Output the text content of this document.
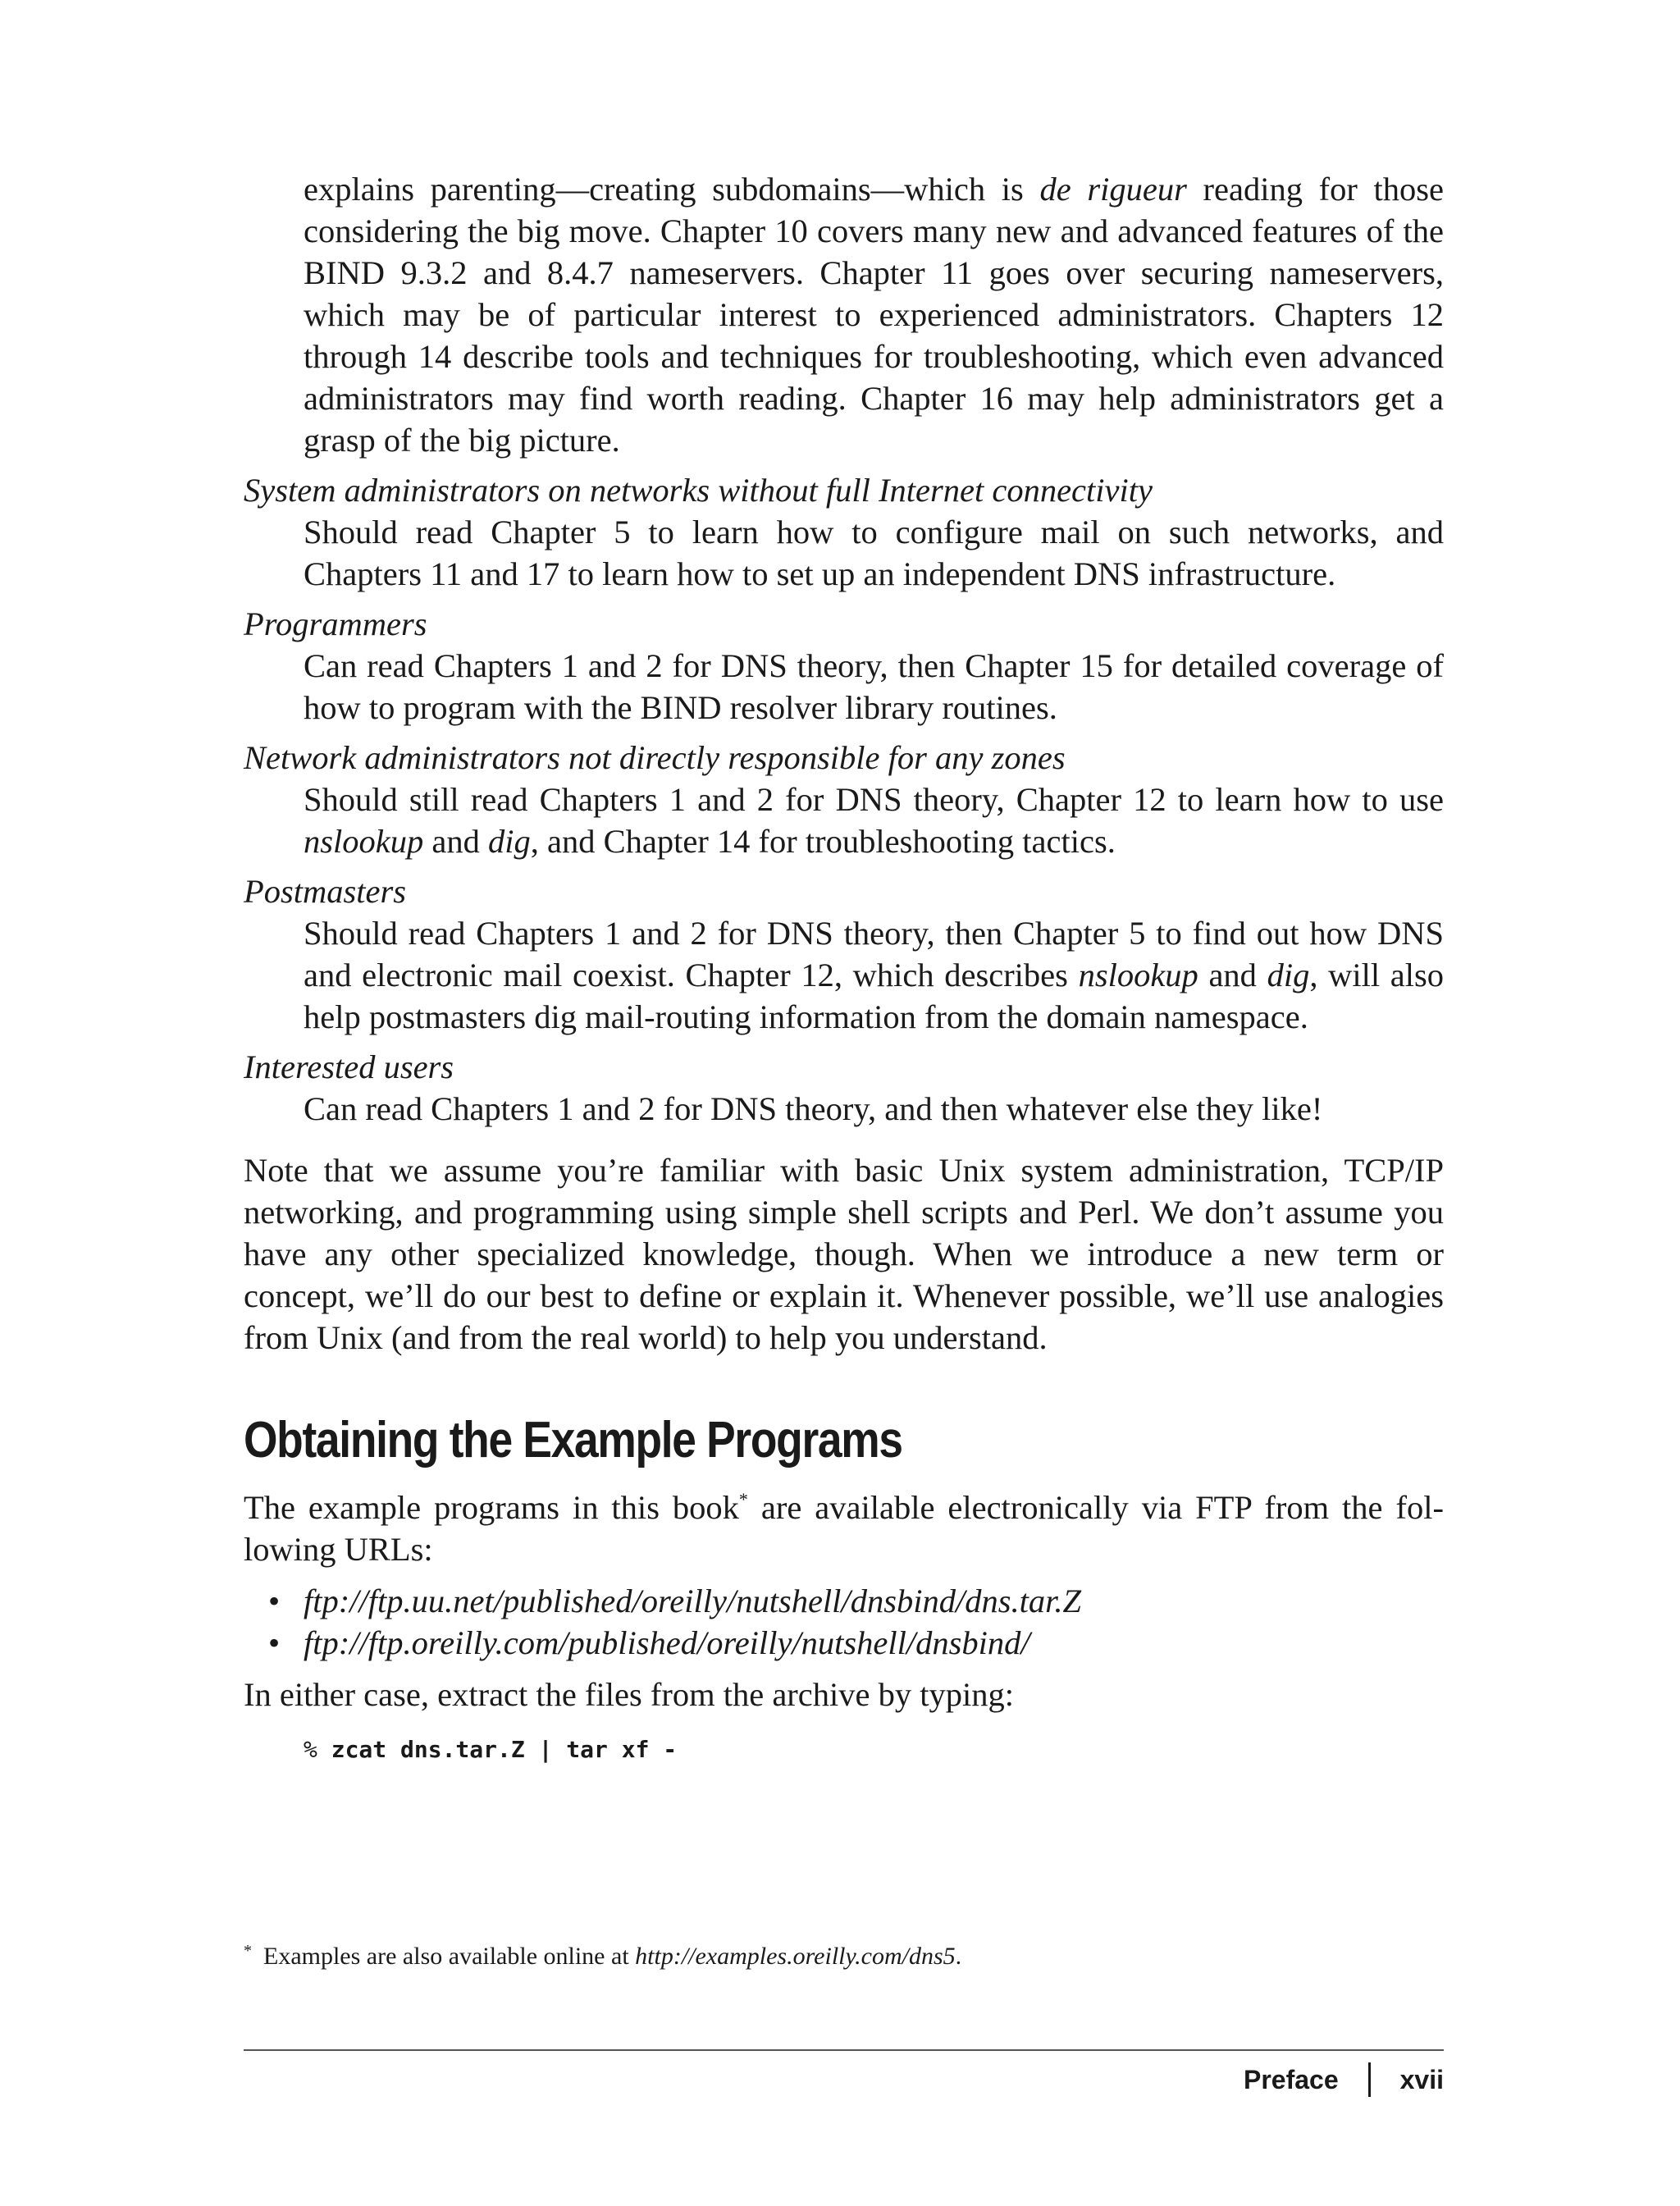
explains parenting—creating subdomains—which is de rigueur reading for those considering the big move. Chapter 10 covers many new and advanced features of the BIND 9.3.2 and 8.4.7 nameservers. Chapter 11 goes over securing nameservers, which may be of particular interest to experienced administrators. Chapters 12 through 14 describe tools and techniques for troubleshooting, which even advanced administrators may find worth reading. Chapter 16 may help administrators get a grasp of the big picture.

System administrators on networks without full Internet connectivity

Should read Chapter 5 to learn how to configure mail on such networks, and Chapters 11 and 17 to learn how to set up an independent DNS infrastructure.

Programmers

Can read Chapters 1 and 2 for DNS theory, then Chapter 15 for detailed coverage of how to program with the BIND resolver library routines.

Network administrators not directly responsible for any zones

Should still read Chapters 1 and 2 for DNS theory, Chapter 12 to learn how to use nslookup and dig, and Chapter 14 for troubleshooting tactics.

Postmasters

Should read Chapters 1 and 2 for DNS theory, then Chapter 5 to find out how DNS and electronic mail coexist. Chapter 12, which describes nslookup and dig, will also help postmasters dig mail-routing information from the domain namespace.

Interested users

Can read Chapters 1 and 2 for DNS theory, and then whatever else they like!

Note that we assume you’re familiar with basic Unix system administration, TCP/IP networking, and programming using simple shell scripts and Perl. We don’t assume you have any other specialized knowledge, though. When we introduce a new term or concept, we’ll do our best to define or explain it. Whenever possible, we’ll use analogies from Unix (and from the real world) to help you understand.

Obtaining the Example Programs

The example programs in this book* are available electronically via FTP from the following URLs:

• ftp://ftp.uu.net/published/oreilly/nutshell/dnsbind/dns.tar.Z
• ftp://ftp.oreilly.com/published/oreilly/nutshell/dnsbind/

In either case, extract the files from the archive by typing:

% zcat dns.tar.Z | tar xf -
* Examples are also available online at http://examples.oreilly.com/dns5.
Preface xvii
